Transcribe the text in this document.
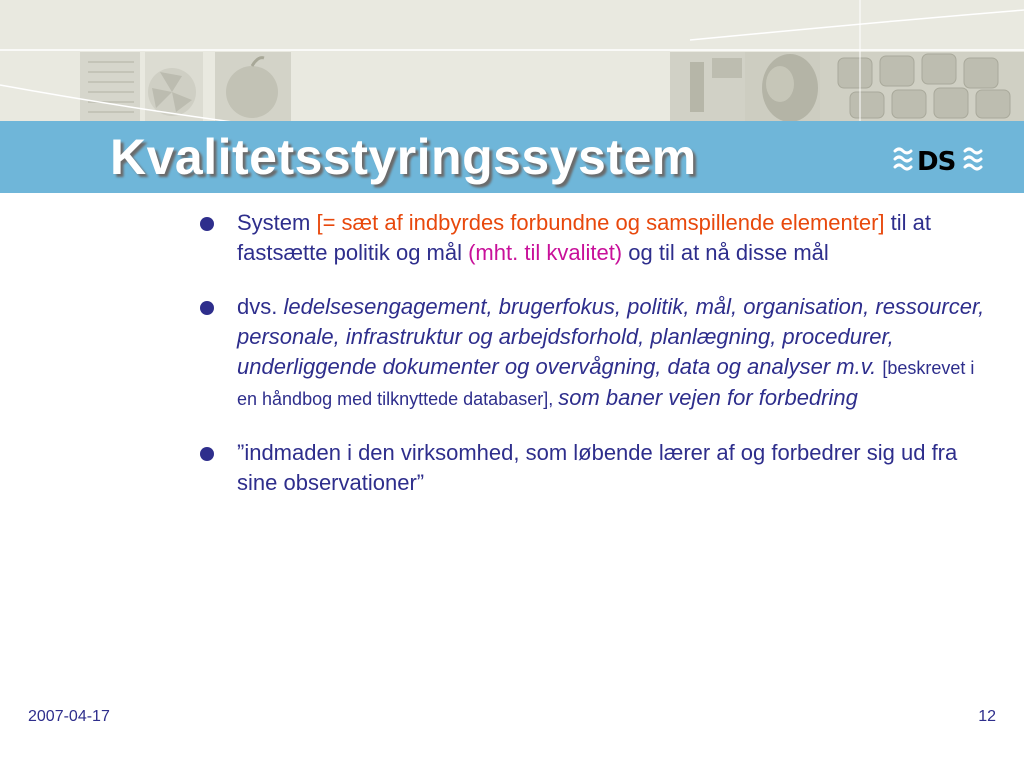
Kvalitetsstyringssystem	DS
System [= sæt af indbyrdes forbundne og samspillende elementer] til at fastsætte politik og mål (mht. til kvalitet) og til at nå disse mål
dvs. ledelsesengagement, brugerfokus, politik, mål, organisation, ressourcer, personale, infrastruktur og arbejdsforhold, planlægning, procedurer, underliggende dokumenter og overvågning, data og analyser m.v. [beskrevet i en håndbog med tilknyttede databaser], som baner vejen for forbedring
”indmaden i den virksomhed, som løbende lærer af og forbedrer sig ud fra sine observationer”
2007-04-17	12
